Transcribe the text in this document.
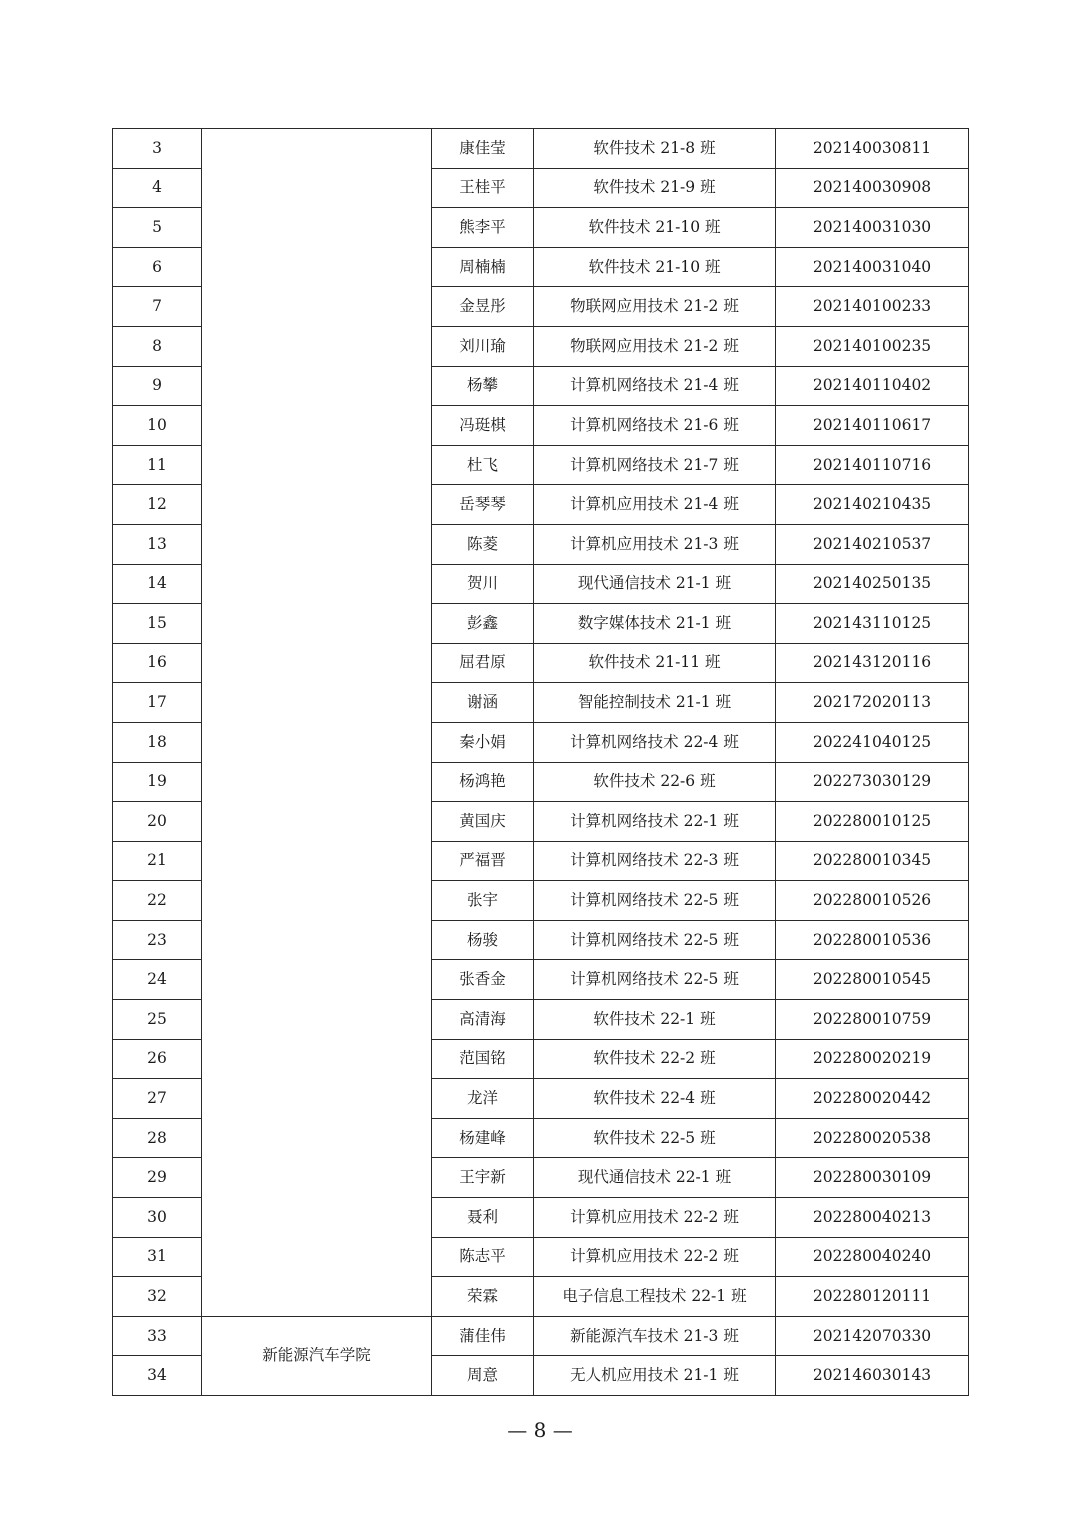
3		康佳莹	软件技术 21-8 班	202140030811
4		王桂平	软件技术 21-9 班	202140030908
5		熊李平	软件技术 21-10 班	202140031030
6		周楠楠	软件技术 21-10 班	202140031040
7		金昱彤	物联网应用技术 21-2 班	202140100233
8		刘川瑜	物联网应用技术 21-2 班	202140100235
9		杨攀	计算机网络技术 21-4 班	202140110402
10		冯珽棋	计算机网络技术 21-6 班	202140110617
11		杜飞	计算机网络技术 21-7 班	202140110716
12		岳琴琴	计算机应用技术 21-4 班	202140210435
13		陈菱	计算机应用技术 21-3 班	202140210537
14		贺川	现代通信技术 21-1 班	202140250135
15		彭鑫	数字媒体技术 21-1 班	202143110125
16		屈君原	软件技术 21-11 班	202143120116
17		谢涵	智能控制技术 21-1 班	202172020113
18		秦小娟	计算机网络技术 22-4 班	202241040125
19		杨鸿艳	软件技术 22-6 班	202273030129
20		黄国庆	计算机网络技术 22-1 班	202280010125
21		严福晋	计算机网络技术 22-3 班	202280010345
22		张宇	计算机网络技术 22-5 班	202280010526
23		杨骏	计算机网络技术 22-5 班	202280010536
24		张香金	计算机网络技术 22-5 班	202280010545
25		高清海	软件技术 22-1 班	202280010759
26		范国铭	软件技术 22-2 班	202280020219
27		龙洋	软件技术 22-4 班	202280020442
28		杨建峰	软件技术 22-5 班	202280020538
29		王宇新	现代通信技术 22-1 班	202280030109
30		聂利	计算机应用技术 22-2 班	202280040213
31		陈志平	计算机应用技术 22-2 班	202280040240
32		荣霖	电子信息工程技术 22-1 班	202280120111
33	新能源汽车学院	蒲佳伟	新能源汽车技术 21-3 班	202142070330
34		周意	无人机应用技术 21-1 班	202146030143
— 8 —
